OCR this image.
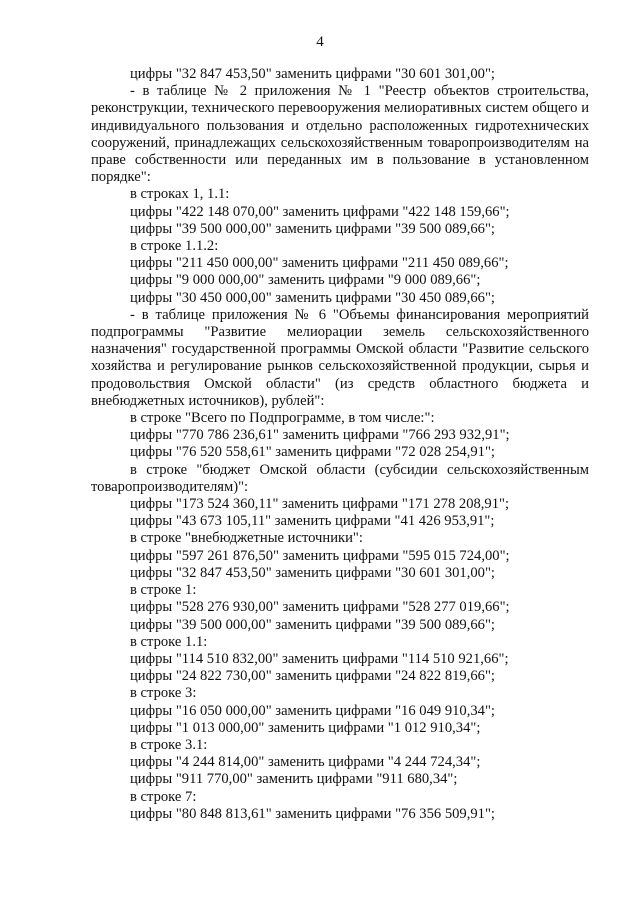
4
цифры "32 847 453,50" заменить цифрами "30 601 301,00";
- в таблице № 2 приложения № 1 "Реестр объектов строительства, реконструкции, технического перевооружения мелиоративных систем общего и индивидуального пользования и отдельно расположенных гидротехнических сооружений, принадлежащих сельскохозяйственным товаропроизводителям на праве собственности или переданных им в пользование в установленном порядке":
в строках 1, 1.1:
цифры "422 148 070,00" заменить цифрами "422 148 159,66";
цифры "39 500 000,00" заменить цифрами "39 500 089,66";
в строке 1.1.2:
цифры "211 450 000,00" заменить цифрами "211 450 089,66";
цифры "9 000 000,00" заменить цифрами "9 000 089,66";
цифры "30 450 000,00" заменить цифрами "30 450 089,66";
- в таблице приложения № 6 "Объемы финансирования мероприятий подпрограммы "Развитие мелиорации земель сельскохозяйственного назначения" государственной программы Омской области "Развитие сельского хозяйства и регулирование рынков сельскохозяйственной продукции, сырья и продовольствия Омской области" (из средств областного бюджета и внебюджетных источников), рублей":
в строке "Всего по Подпрограмме, в том числе:":
цифры "770 786 236,61" заменить цифрами "766 293 932,91";
цифры "76 520 558,61" заменить цифрами "72 028 254,91";
в строке "бюджет Омской области (субсидии сельскохозяйственным товаропроизводителям)":
цифры "173 524 360,11" заменить цифрами "171 278 208,91";
цифры "43 673 105,11" заменить цифрами "41 426 953,91";
в строке "внебюджетные источники":
цифры "597 261 876,50" заменить цифрами "595 015 724,00";
цифры "32 847 453,50" заменить цифрами "30 601 301,00";
в строке 1:
цифры "528 276 930,00" заменить цифрами "528 277 019,66";
цифры "39 500 000,00" заменить цифрами "39 500 089,66";
в строке 1.1:
цифры "114 510 832,00" заменить цифрами "114 510 921,66";
цифры "24 822 730,00" заменить цифрами "24 822 819,66";
в строке 3:
цифры "16 050 000,00" заменить цифрами "16 049 910,34";
цифры "1 013 000,00" заменить цифрами "1 012 910,34";
в строке 3.1:
цифры "4 244 814,00" заменить цифрами "4 244 724,34";
цифры "911 770,00" заменить цифрами "911 680,34";
в строке 7:
цифры "80 848 813,61" заменить цифрами "76 356 509,91";
